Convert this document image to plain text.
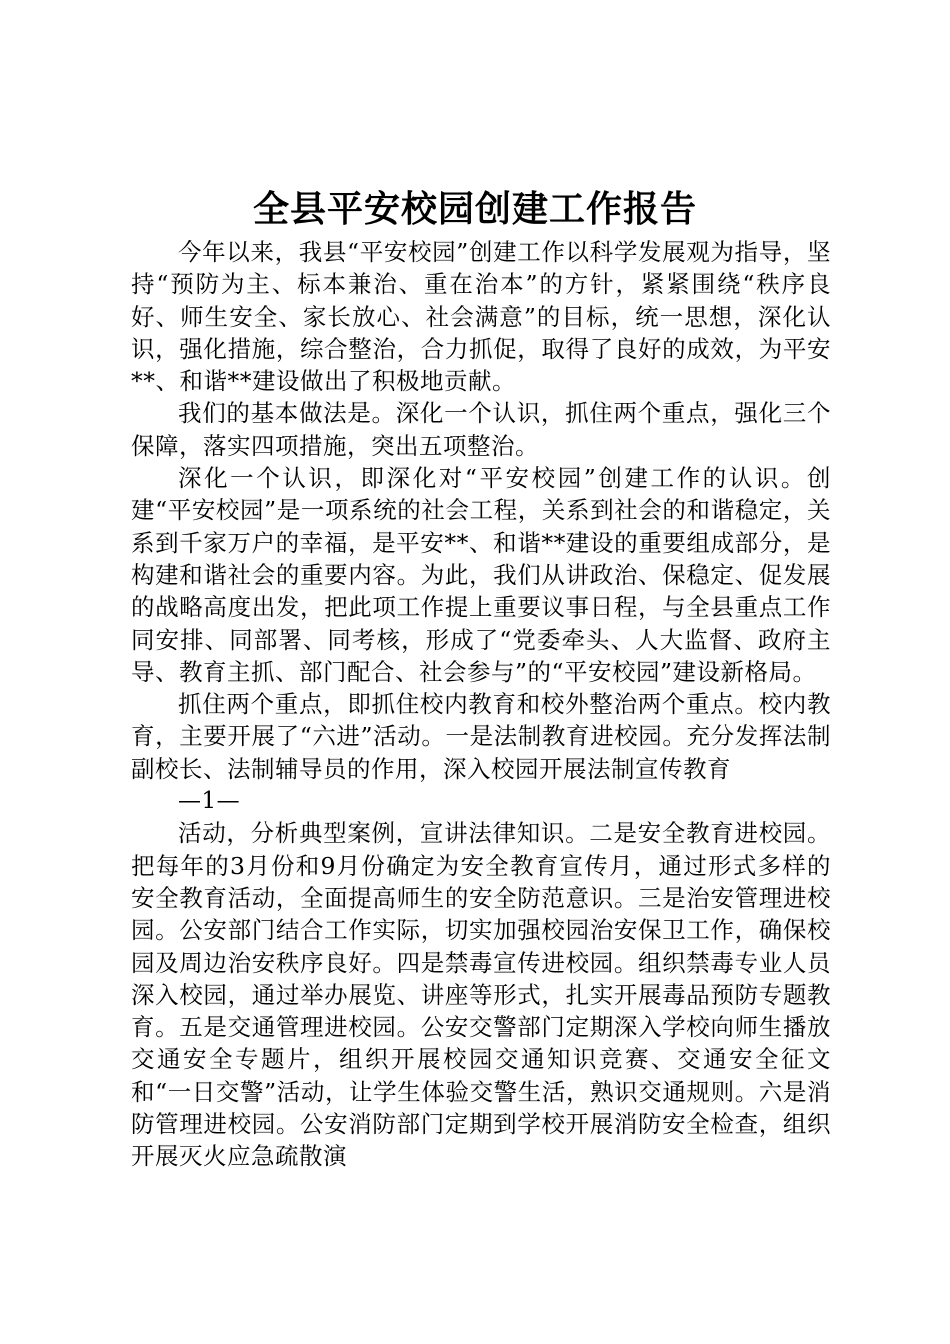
全县平安校园创建工作报告

今年以来，我县“平安校园”创建工作以科学发展观为指导，坚持“预防为主、标本兼治、重在治本”的方针，紧紧围绕“秩序良好、师生安全、家长放心、社会满意”的目标，统一思想，深化认识，强化措施，综合整治，合力抓促，取得了良好的成效，为平安**、和谐**建设做出了积极地贡献。

我们的基本做法是。深化一个认识，抓住两个重点，强化三个保障，落实四项措施，突出五项整治。

深化一个认识，即深化对“平安校园”创建工作的认识。创建“平安校园”是一项系统的社会工程，关系到社会的和谐稳定，关系到千家万户的幸福，是平安**、和谐**建设的重要组成部分，是构建和谐社会的重要内容。为此，我们从讲政治、保稳定、促发展的战略高度出发，把此项工作提上重要议事日程，与全县重点工作同安排、同部署、同考核，形成了“党委牵头、人大监督、政府主导、教育主抓、部门配合、社会参与”的“平安校园”建设新格局。

抓住两个重点，即抓住校内教育和校外整治两个重点。校内教育，主要开展了“六进”活动。一是法制教育进校园。充分发挥法制副校长、法制辅导员的作用，深入校园开展法制宣传教育

—1—

活动，分析典型案例，宣讲法律知识。二是安全教育进校园。把每年的3月份和9月份确定为安全教育宣传月，通过形式多样的安全教育活动，全面提高师生的安全防范意识。三是治安管理进校园。公安部门结合工作实际，切实加强校园治安保卫工作，确保校园及周边治安秩序良好。四是禁毒宣传进校园。组织禁毒专业人员深入校园，通过举办展览、讲座等形式，扎实开展毒品预防专题教育。五是交通管理进校园。公安交警部门定期深入学校向师生播放交通安全专题片，组织开展校园交通知识竞赛、交通安全征文和“一日交警”活动，让学生体验交警生活，熟识交通规则。六是消防管理进校园。公安消防部门定期到学校开展消防安全检查，组织开展灭火应急疏散演
